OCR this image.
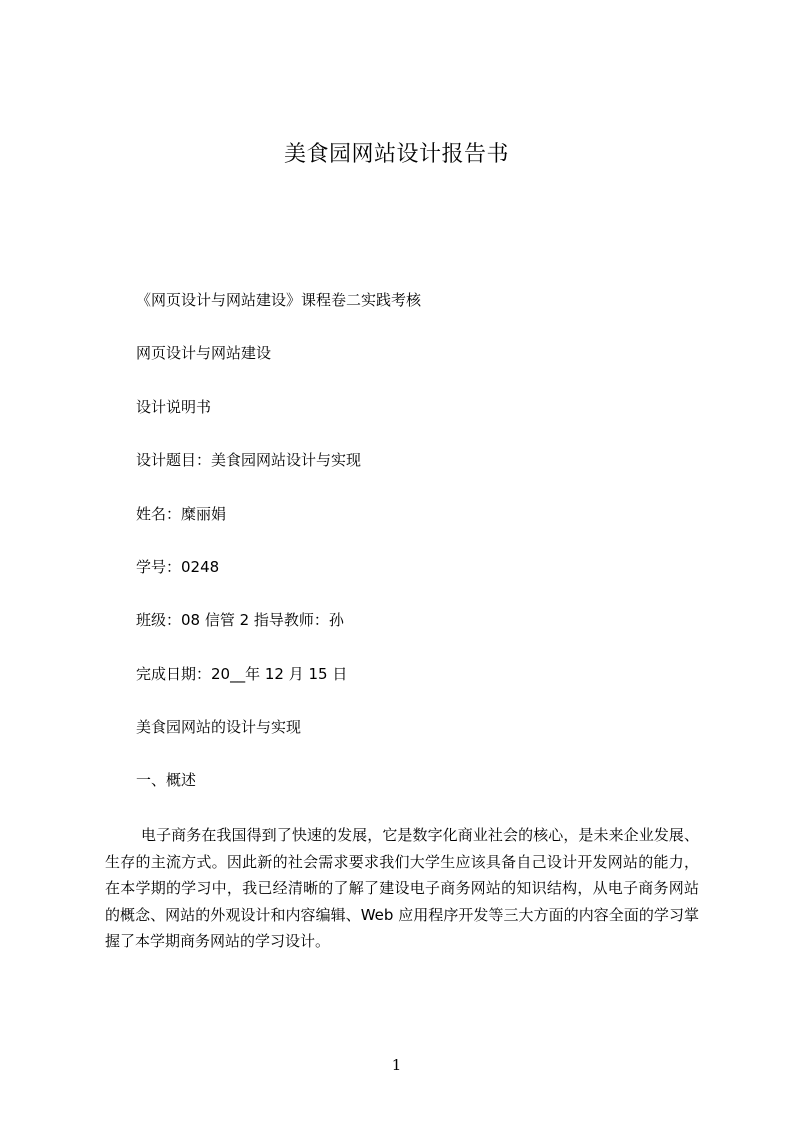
美食园网站设计报告书
《网页设计与网站建设》课程卷二实践考核
网页设计与网站建设
设计说明书
设计题目：美食园网站设计与实现
姓名：糜丽娟
学号：0248
班级：08 信管 2 指导教师：孙
完成日期：20__年 12 月 15 日
美食园网站的设计与实现
一、概述
电子商务在我国得到了快速的发展，它是数字化商业社会的核心，是未来企业发展、生存的主流方式。因此新的社会需求要求我们大学生应该具备自己设计开发网站的能力，在本学期的学习中，我已经清晰的了解了建设电子商务网站的知识结构，从电子商务网站的概念、网站的外观设计和内容编辑、Web 应用程序开发等三大方面的内容全面的学习掌握了本学期商务网站的学习设计。
1
